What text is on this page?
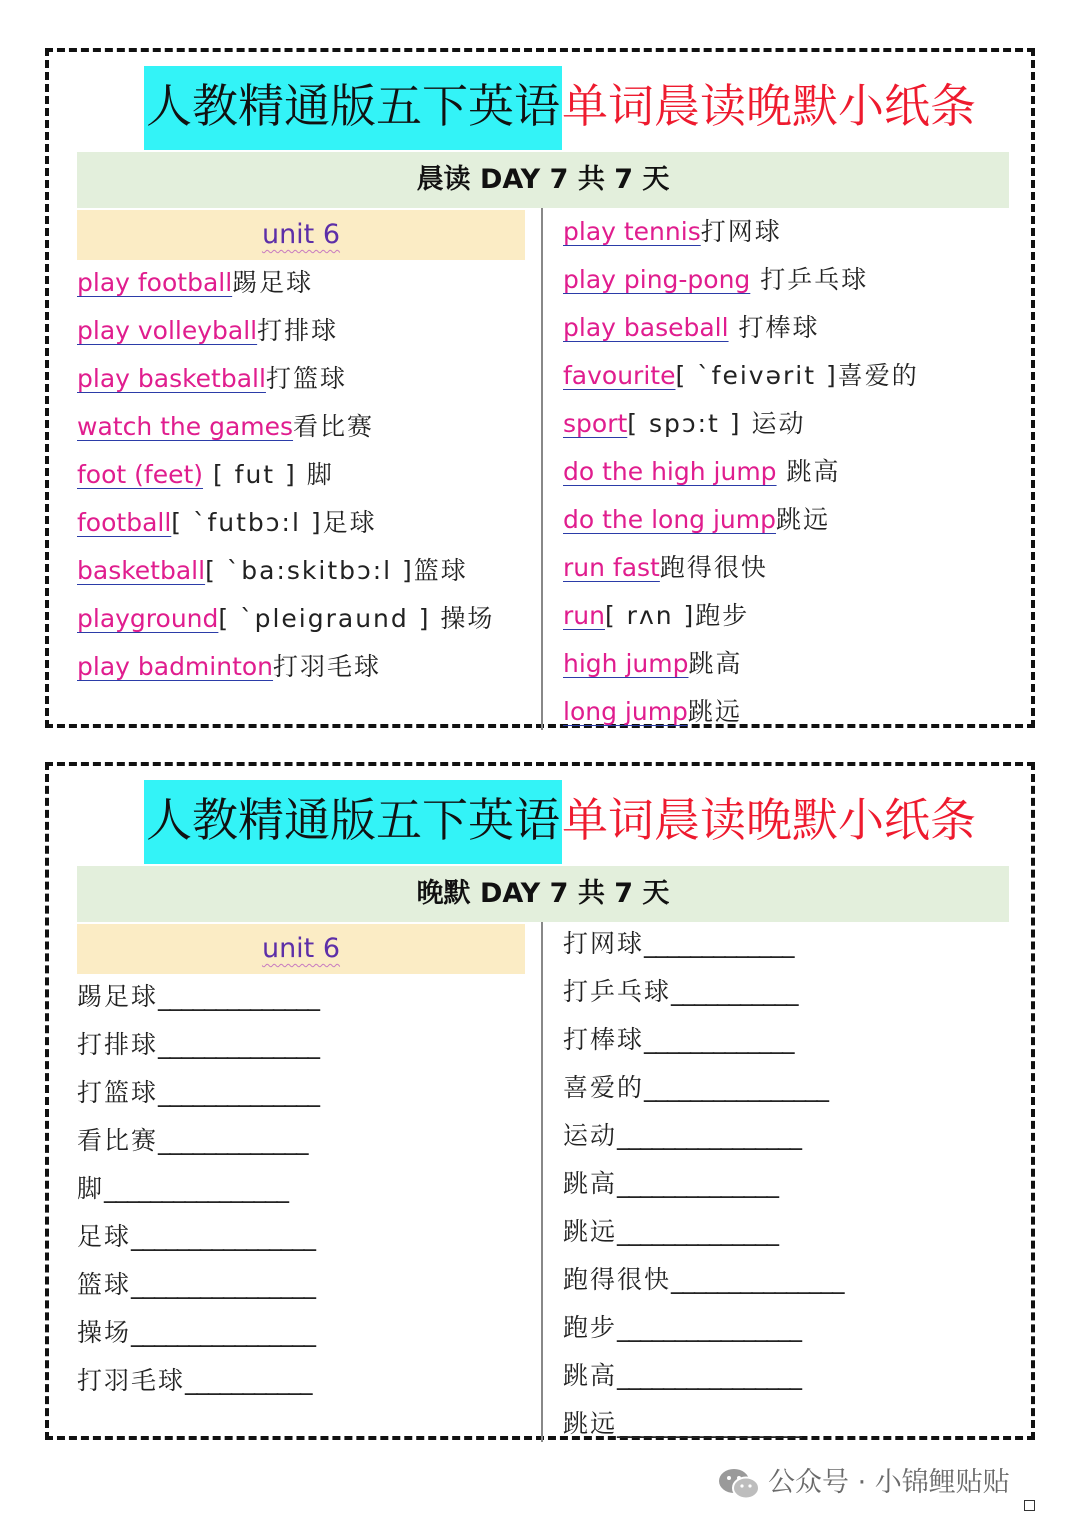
人教精通版五下英语单词晨读晚默小纸条
晨读 DAY 7 共 7 天
unit 6
play football踢足球
play volleyball打排球
play basketball打篮球
watch the games看比赛
foot (feet) [ fut ] 脚
football[ `futbɔ:l ]足球
basketball[ `ba:skitbɔ:l ]篮球
playground[ `pleigraund ] 操场
play badminton打羽毛球
play tennis打网球
play ping-pong 打乒乓球
play baseball 打棒球
favourite[ `feivərit ]喜爱的
sport[ spɔ:t ] 运动
do the high jump 跳高
do the long jump跳远
run fast跑得很快
run[ rʌn ]跑步
high jump跳高
long jump跳远
人教精通版五下英语单词晨读晚默小纸条
晚默 DAY 7 共 7 天
unit 6
踢足球______________
打排球______________
打篮球______________
看比赛_____________
脚________________
足球________________
篮球________________
操场________________
打羽毛球___________
打网球_____________
打乒乓球___________
打棒球_____________
喜爱的________________
运动________________
跳高______________
跳远______________
跑得很快_______________
跑步________________
跳高________________
跳远________________
公众号 · 小锦鲤贴贴
